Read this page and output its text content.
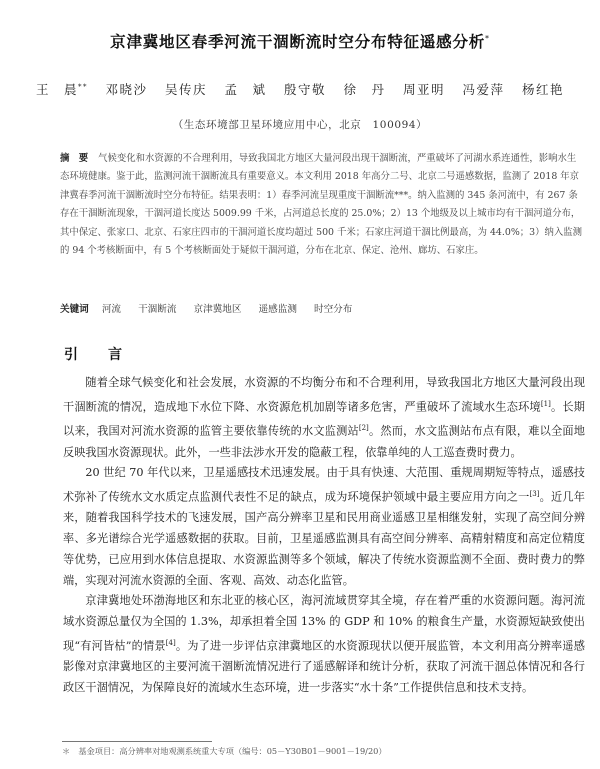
京津冀地区春季河流干涸断流时空分布特征遥感分析*
王　晨** 邓晓沙 吴传庆 孟　斌 殷守敬 徐　丹 周亚明 冯爱萍 杨红艳
（生态环境部卫星环境应用中心，北京　100094）
摘　要 气候变化和水资源的不合理利用，导致我国北方地区大量河段出现干涸断流，严重破坏了河湖水系连通性，影响水生态环境健康。鉴于此，监测河流干涸断流具有重要意义。本文利用 2018 年高分二号、北京二号遥感数据，监测了 2018 年京津冀春季河流干涸断流时空分布特征。结果表明：1）春季河流呈现重度干涸断流***。纳入监测的 345 条河流中，有 267 条存在干涸断流现象，干涸河道长度达 5009.99 千米，占河道总长度的 25.0%；2）13 个地级及以上城市均有干涸河道分布，其中保定、张家口、北京、石家庄四市的干涸河道长度均超过 500 千米；石家庄河道干涸比例最高，为 44.0%；3）纳入监测的 94 个考核断面中，有 5 个考核断面处于疑似干涸河道，分布在北京、保定、沧州、廊坊、石家庄。
关键词 河流 干涸断流 京津冀地区 遥感监测 时空分布
引　言

随着全球气候变化和社会发展，水资源的不均衡分布和不合理利用，导致我国北方地区大量河段出现干涸断流的情况，造成地下水位下降、水资源危机加剧等诸多危害，严重破坏了流域水生态环境[1]。长期以来，我国对河流水资源的监管主要依靠传统的水文监测站[2]。然而，水文监测站布点有限，难以全面地反映我国水资源现状。此外，一些非法涉水开发的隐蔽工程，依靠单纯的人工巡查费时费力。

20 世纪 70 年代以来，卫星遥感技术迅速发展。由于具有快速、大范围、重规周期短等特点，遥感技术弥补了传统水文水质定点监测代表性不足的缺点，成为环境保护领域中最主要应用方向之一[3]。近几年来，随着我国科学技术的飞速发展，国产高分辨率卫星和民用商业遥感卫星相继发射，实现了高空间分辨率、多光谱综合光学遥感数据的获取。目前，卫星遥感监测具有高空间分辨率、高精射精度和高定位精度等优势，已应用到水体信息提取、水资源监测等多个领域，解决了传统水资源监测不全面、费时费力的弊端，实现对河流水资源的全面、客观、高效、动态化监管。

京津冀地处环渤海地区和东北亚的核心区，海河流域贯穿其全境，存在着严重的水资源问题。海河流域水资源总量仅为全国的 1.3%，却承担着全国 13% 的 GDP 和 10% 的粮食生产量，水资源短缺致使出现“有河皆枯”的情景[4]。为了进一步评估京津冀地区的水资源现状以便开展监管，本文利用高分辨率遥感影像对京津冀地区的主要河流干涸断流情况进行了遥感解译和统计分析，获取了河流干涸总体情况和各行政区干涸情况，为保障良好的流域水生态环境，进一步落实“水十条”工作提供信息和技术支持。

＊　基金项目：高分辨率对地观测系统重大专项（编号：05－Y30B01－9001－19/20）
